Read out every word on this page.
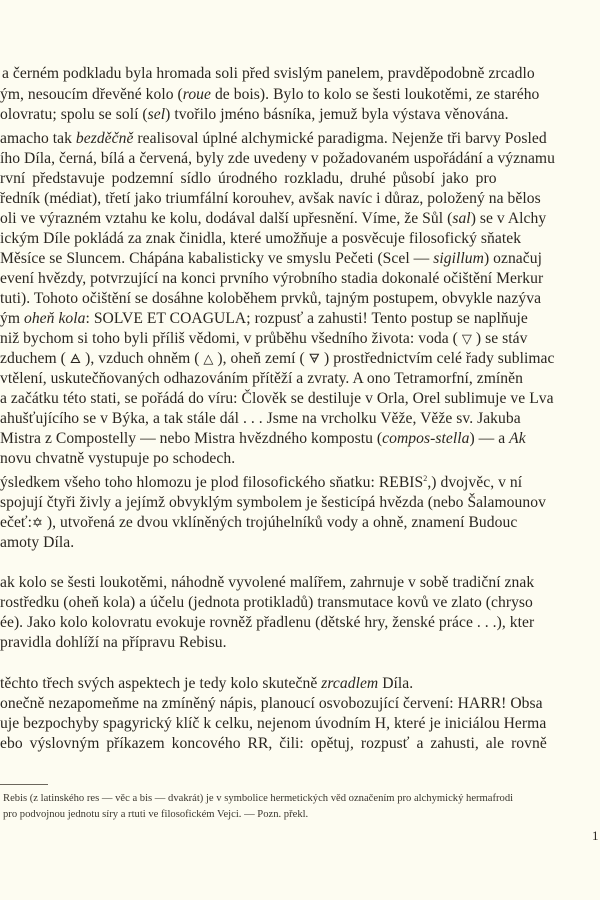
a černém podkladu byla hromada soli před svislým panelem, pravděpodobně zrcadlo
ým, nesoucím dřevěné kolo (roue de bois). Bylo to kolo se šesti loukotěmi, ze starého
olovratu; spolu se solí (sel) tvořilo jméno básníka, jemuž byla výstava věnována.
amacho tak bezděčně realisoval úplné alchymické paradigma. Nejenže tři barvy Posled
ího Díla, černá, bílá a červená, byly zde uvedeny v požadovaném uspořádání a významu
rvní představuje podzemní sídlo úrodného rozkladu, druhé působí jako pro
ředník (médiat), třetí jako triumfální korouhev, avšak navíc i důraz, položený na bělos
oli ve výrazném vztahu ke kolu, dodával další upřesnění. Víme, že Sůl (sal) se v Alchy
ickým Díle pokládá za znak činidla, které umožňuje a posvěcuje filosofický sňatek
Měsíce se Sluncem. Chápána kabalisticky ve smyslu Pečeti (Scel — sigillum) označuj
evení hvězdy, potvrzující na konci prvního výrobního stadia dokonalé očištění Merkur
tuti). Tohoto očištění se dosáhne koloběhem prvků, tajným postupem, obvykle nazýva
ým oheň kola: SOLVE ET COAGULA; rozpusť a zahusti! Tento postup se naplňuje
niž bychom si toho byli příliš vědomi, v průběhu všedního života: voda ( ▽ ) se stáv
zduchem ( 🜁 ), vzduch ohněm ( △ ), oheň zemí ( 🜃 ) prostřednictvím celé řady sublimac
vtělení, uskutečňovaných odhazováním přítěží a zvraty. A ono Tetramorfní, zmíněn
a začátku této stati, se pořádá do víru: Člověk se destiluje v Orla, Orel sublimuje ve Lva
ahušťujícího se v Býka, a tak stále dál . . . Jsme na vrcholku Věže, Věže sv. Jakuba
Mistra z Compostelly — nebo Mistra hvězdného kompostu (compos-stella) — a Ak
novu chvatně vystupuje po schodech.
ýsledkem všeho toho hlomozu je plod filosofického sňatku: REBIS$^2$,) dvojvěc, v ní
spojují čtyři živly a jejímž obvyklým symbolem je šesticípá hvězda (nebo Šalamounov
ečeť:✡ ), utvořená ze dvou vklíněných trojúhelníků vody a ohně, znamení Budouc
amoty Díla.
ak kolo se šesti loukotěmi, náhodně vyvolené malířem, zahrnuje v sobě tradiční znak
rostředku (oheň kola) a účelu (jednota protikladů) transmutace kovů ve zlato (chryso
ée). Jako kolo kolovratu evokuje rovněž přadlenu (dětské hry, ženské práce . . .), kter
pravidla dohlíží na přípravu Rebisu.
těchto třech svých aspektech je tedy kolo skutečně zrcadlem Díla.
onečně nezapomeňme na zmíněný nápis, planoucí osvobozující červení: HARR! Obsa
uje bezpochyby spagyrický klíč k celku, nejenom úvodním H, které je iniciálou Herma
ebo výslovným příkazem koncového RR, čili: opětuj, rozpusť a zahusti, ale rovně
Rebis (z latinského res — věc a bis — dvakrát) je v symbolice hermetických věd označením pro alchymický hermafrodi
pro podvojnou jednotu síry a rtuti ve filosofickém Vejci. — Pozn. překl.
1
